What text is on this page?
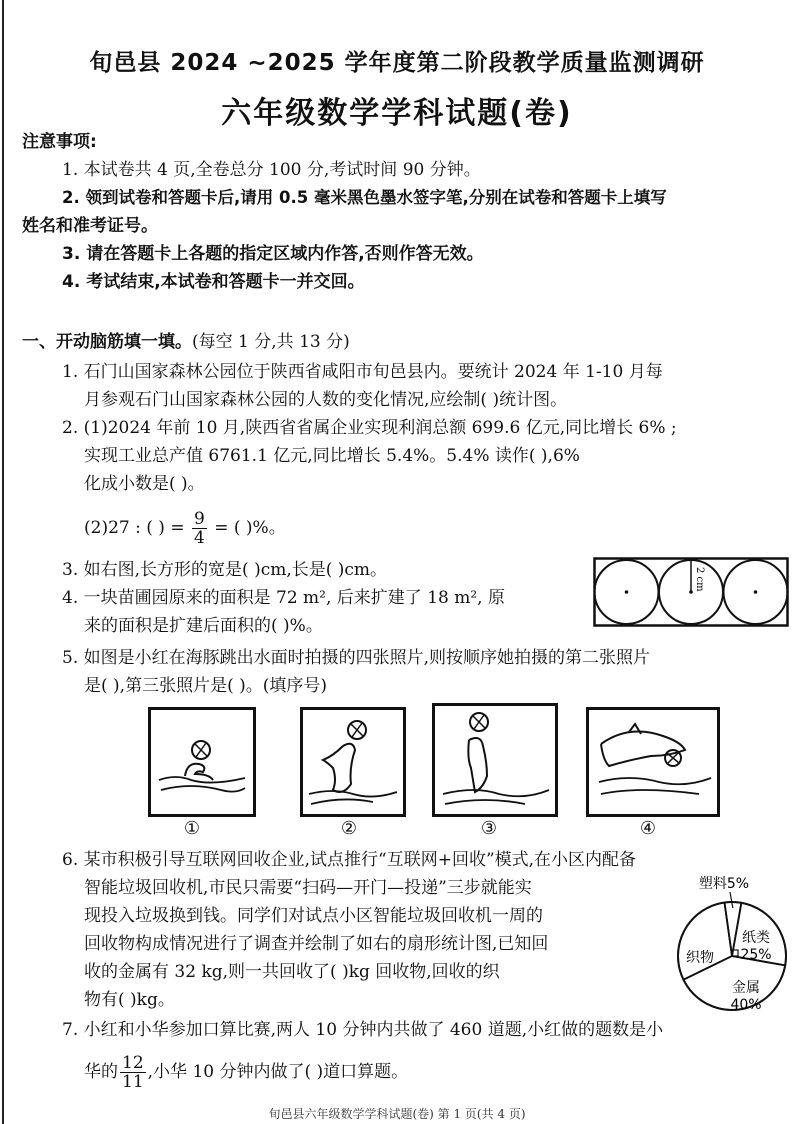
旬邑县 2024 ~2025 学年度第二阶段教学质量监测调研
六年级数学学科试题(卷)
注意事项:
1. 本试卷共 4 页,全卷总分 100 分,考试时间 90 分钟。
2. 领到试卷和答题卡后,请用 0.5 毫米黑色墨水签字笔,分别在试卷和答题卡上填写
姓名和准考证号。
3. 请在答题卡上各题的指定区域内作答,否则作答无效。
4. 考试结束,本试卷和答题卡一并交回。
一、开动脑筋填一填。(每空 1 分,共 13 分)
1. 石门山国家森林公园位于陕西省咸阳市旬邑县内。要统计 2024 年 1-10 月每
月参观石门山国家森林公园的人数的变化情况,应绘制( )统计图。
2. (1)2024 年前 10 月,陕西省省属企业实现利润总额 699.6 亿元,同比增长 6% ;
实现工业总产值 6761.1 亿元,同比增长 5.4%。5.4% 读作( ),6%
化成小数是( )。
(2)27 : ( ) = $\frac{9}{4}$ = ( )%。
3. 如右图,长方形的宽是( )cm,长是( )cm。	2 cm
4. 一块苗圃园原来的面积是 72 m², 后来扩建了 18 m², 原
来的面积是扩建后面积的( )%。
5. 如图是小红在海豚跳出水面时拍摄的四张照片,则按顺序她拍摄的第二张照片
是( ),第三张照片是( )。(填序号)
①	②	③	④
6. 某市积极引导互联网回收企业,试点推行“互联网+回收”模式,在小区内配备
智能垃圾回收机,市民只需要“扫码—开门—投递”三步就能实
现投入垃圾换到钱。同学们对试点小区智能垃圾回收机一周的
回收物构成情况进行了调查并绘制了如右的扇形统计图,已知回
收的金属有 32 kg,则一共回收了( )kg 回收物,回收的织
物有( )kg。
塑料5%
纸类
25%
金属
40%
织物
7. 小红和小华参加口算比赛,两人 10 分钟内共做了 460 道题,小红做的题数是小
华的 $\frac{12}{11}$ ,小华 10 分钟内做了( )道口算题。
旬邑县六年级数学学科试题(卷) 第 1 页(共 4 页)
